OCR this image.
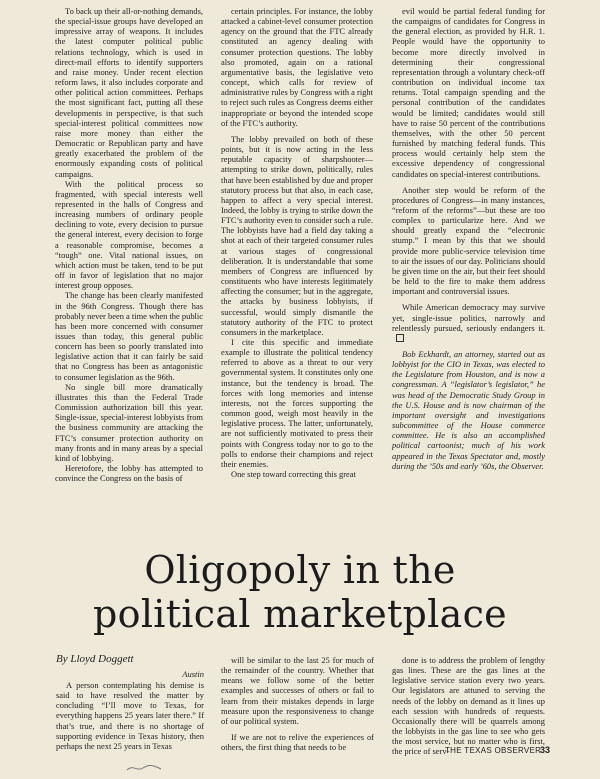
To back up their all-or-nothing demands, the special-issue groups have developed an impressive array of weapons. It includes the latest computer political public relations technology, which is used in direct-mail efforts to identify supporters and raise money. Under recent election reform laws, it also includes corporate and other political action committees. Perhaps the most significant fact, putting all these developments in perspective, is that such special-interest political committees now raise more money than either the Democratic or Republican party and have greatly exacerbated the problem of the enormously expanding costs of political campaigns.

With the political process so fragmented, with special interests well represented in the halls of Congress and increasing numbers of ordinary people declining to vote, every decision to pursue the general interest, every decision to forge a reasonable compromise, becomes a “tough” one. Vital national issues, on which action must be taken, tend to be put off in favor of legislation that no major interest group opposes.

The change has been clearly manifested in the 96th Congress. Though there has probably never been a time when the public has been more concerned with consumer issues than today, this general public concern has been so poorly translated into legislative action that it can fairly be said that no Congress has been as antagonistic to consumer legislation as the 96th.

No single bill more dramatically illustrates this than the Federal Trade Commission authorization bill this year. Single-issue, special-interest lobbyists from the business community are attacking the FTC’s consumer protection authority on many fronts and in many areas by a special kind of lobbying.

Heretofore, the lobby has attempted to convince the Congress on the basis of

certain principles. For instance, the lobby attacked a cabinet-level consumer protection agency on the ground that the FTC already constituted an agency dealing with consumer protection questions. The lobby also promoted, again on a rational argumentative basis, the legislative veto concept, which calls for review of administrative rules by Congress with a right to reject such rules as Congress deems either inappropriate or beyond the intended scope of the FTC’s authority.

The lobby prevailed on both of these points, but it is now acting in the less reputable capacity of sharpshooter—attempting to strike down, politically, rules that have been established by due and proper statutory process but that also, in each case, happen to affect a very special interest. Indeed, the lobby is trying to strike down the FTC’s authority even to consider such a rule. The lobbyists have had a field day taking a shot at each of their targeted consumer rules at various stages of congressional deliberation. It is understandable that some members of Congress are influenced by constituents who have interests legitimately affecting the consumer; but in the aggregate, the attacks by business lobbyists, if successful, would simply dismantle the statutory authority of the FTC to protect consumers in the marketplace.

I cite this specific and immediate example to illustrate the political tendency referred to above as a threat to our very governmental system. It constitutes only one instance, but the tendency is broad. The forces with long memories and intense interests, not the forces supporting the common good, weigh most heavily in the legislative process. The latter, unfortunately, are not sufficiently motivated to press their points with Congress today nor to go to the polls to endorse their champions and reject their enemies.

One step toward correcting this great

evil would be partial federal funding for the campaigns of candidates for Congress in the general election, as provided by H.R. 1. People would have the opportunity to become more directly involved in determining their congressional representation through a voluntary check-off contribution on individual income tax returns. Total campaign spending and the personal contribution of the candidates would be limited; candidates would still have to raise 50 percent of the contributions themselves, with the other 50 percent furnished by matching federal funds. This process would certainly help stem the excessive dependency of congressional candidates on special-interest contributions.

Another step would be reform of the procedures of Congress—in many instances, “reform of the reforms”—but these are too complex to particularize here. And we should greatly expand the “electronic stump.” I mean by this that we should provide more public-service television time to air the issues of our day. Politicians should be given time on the air, but their feet should be held to the fire to make them address important and controversial issues.

While American democracy may survive yet, single-issue politics, narrowly and relentlessly pursued, seriously endangers it.

Bob Eckhardt, an attorney, started out as lobbyist for the CIO in Texas, was elected to the Legislature from Houston, and is now a congressman. A “legislator’s legislator,” he was head of the Democratic Study Group in the U.S. House and is now chairman of the important oversight and investigations subcommittee of the House commerce committee. He is also an accomplished political cartoonist; much of his work appeared in the Texas Spectator and, mostly during the ’50s and early ’60s, the Observer.

Oligopoly in the
political marketplace
By Lloyd Doggett
Austin

A person contemplating his demise is said to have resolved the matter by concluding “I’ll move to Texas, for everything happens 25 years later there.” If that’s true, and there is no shortage of supporting evidence in Texas history, then perhaps the next 25 years in Texas

will be similar to the last 25 for much of the remainder of the country. Whether that means we follow some of the better examples and successes of others or fail to learn from their mistakes depends in large measure upon the responsiveness to change of our political system.

If we are not to relive the experiences of others, the first thing that needs to be

done is to address the problem of lengthy gas lines. These are the gas lines at the legislative service station every two years. Our legislators are attuned to serving the needs of the lobby on demand as it lines up each session with hundreds of requests. Occasionally there will be quarrels among the lobbyists in the gas line to see who gets the most service, but no matter who is first, the price of serv-

THE TEXAS OBSERVER
33
